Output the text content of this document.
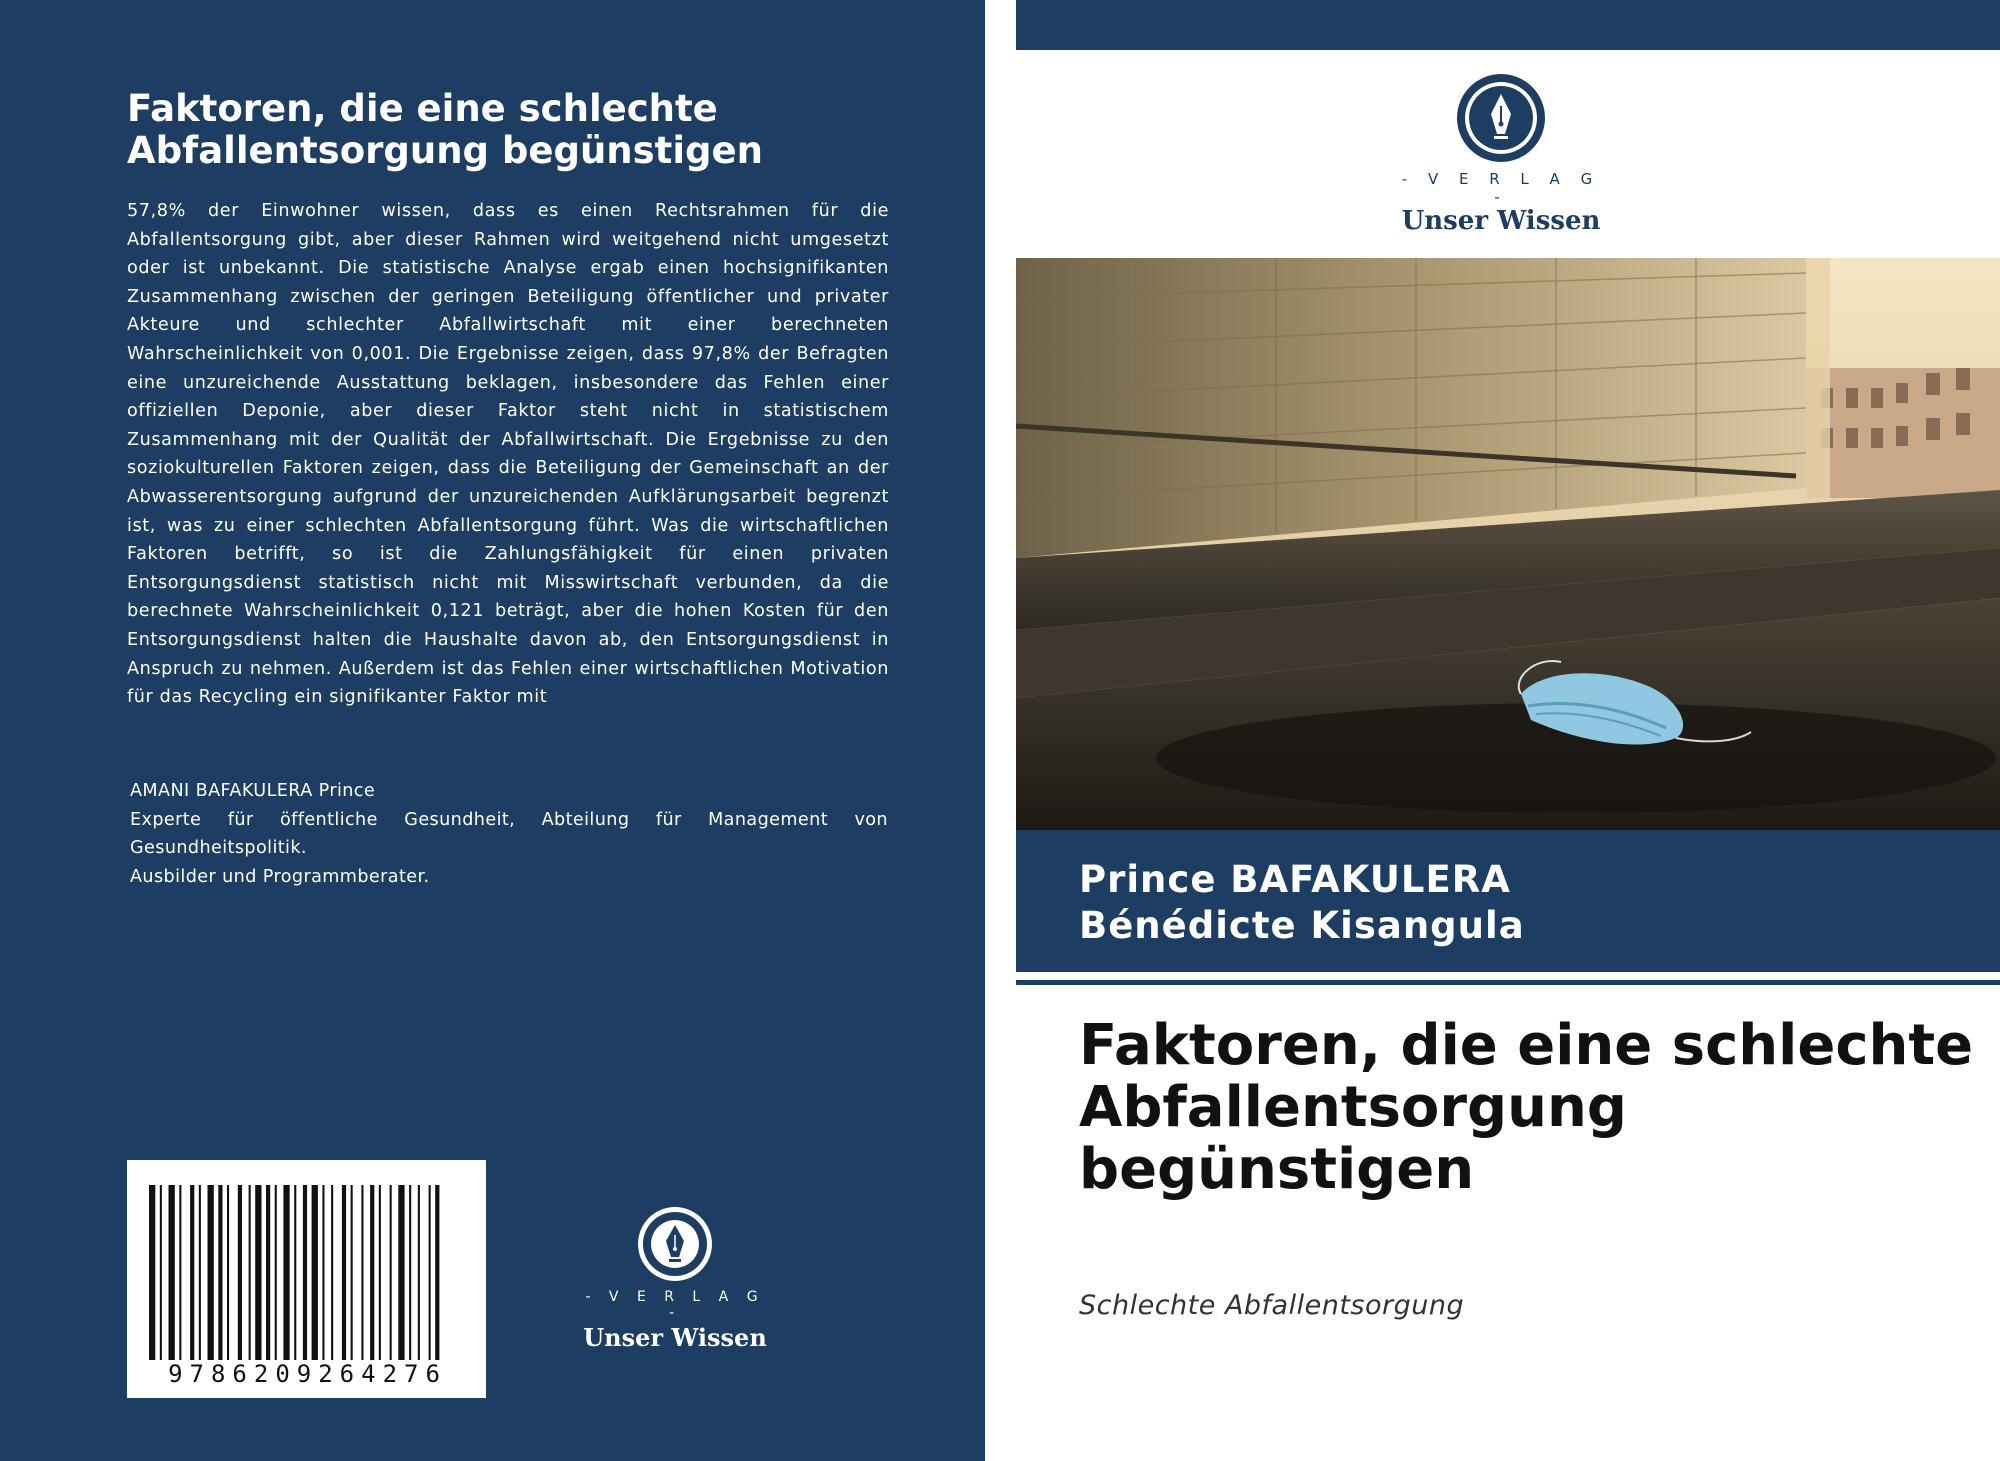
Faktoren, die eine schlechte Abfallentsorgung begünstigen
57,8% der Einwohner wissen, dass es einen Rechtsrahmen für die Abfallentsorgung gibt, aber dieser Rahmen wird weitgehend nicht umgesetzt oder ist unbekannt. Die statistische Analyse ergab einen hochsignifikanten Zusammenhang zwischen der geringen Beteiligung öffentlicher und privater Akteure und schlechter Abfallwirtschaft mit einer berechneten Wahrscheinlichkeit von 0,001. Die Ergebnisse zeigen, dass 97,8% der Befragten eine unzureichende Ausstattung beklagen, insbesondere das Fehlen einer offiziellen Deponie, aber dieser Faktor steht nicht in statistischem Zusammenhang mit der Qualität der Abfallwirtschaft. Die Ergebnisse zu den soziokulturellen Faktoren zeigen, dass die Beteiligung der Gemeinschaft an der Abwasserentsorgung aufgrund der unzureichenden Aufklärungsarbeit begrenzt ist, was zu einer schlechten Abfallentsorgung führt. Was die wirtschaftlichen Faktoren betrifft, so ist die Zahlungsfähigkeit für einen privaten Entsorgungsdienst statistisch nicht mit Misswirtschaft verbunden, da die berechnete Wahrscheinlichkeit 0,121 beträgt, aber die hohen Kosten für den Entsorgungsdienst halten die Haushalte davon ab, den Entsorgungsdienst in Anspruch zu nehmen. Außerdem ist das Fehlen einer wirtschaftlichen Motivation für das Recycling ein signifikanter Faktor mit

AMANI BAFAKULERA Prince

Experte für öffentliche Gesundheit, Abteilung für Management von Gesundheitspolitik.

Ausbilder und Programmberater.

9786209264276
- V E R L A G -
Unser Wissen
- V E R L A G -
Unser Wissen
Prince BAFAKULERA
Bénédicte Kisangula
Faktoren, die eine schlechte Abfallentsorgung begünstigen
Schlechte Abfallentsorgung
